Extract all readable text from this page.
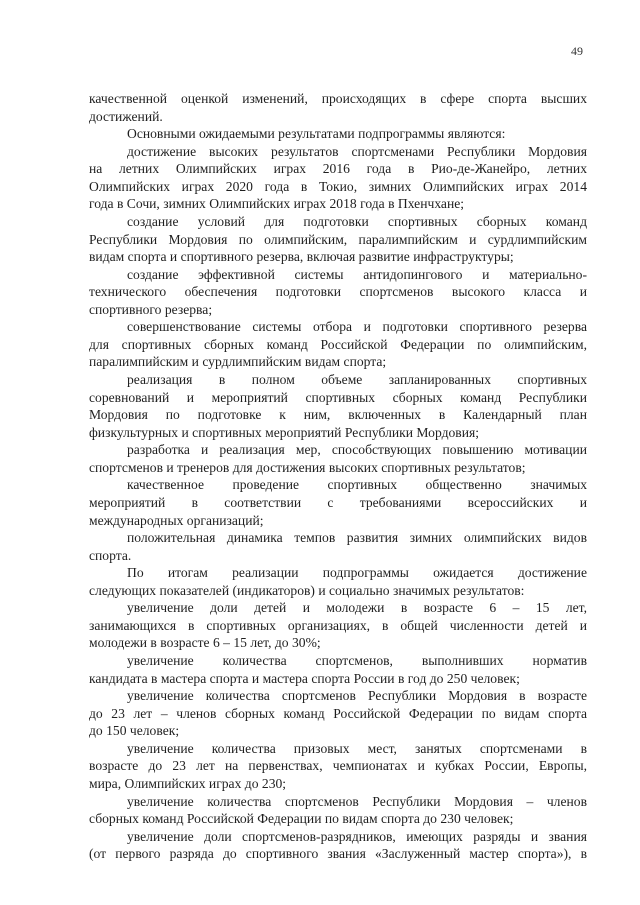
49
качественной оценкой изменений, происходящих в сфере спорта высших
достижений.
Основными ожидаемыми результатами подпрограммы являются:
достижение высоких результатов спортсменами Республики Мордовия
на летних Олимпийских играх 2016 года в Рио-де-Жанейро, летних
Олимпийских играх 2020 года в Токио, зимних Олимпийских играх 2014
года в Сочи, зимних Олимпийских играх 2018 года в Пхенчхане;
создание условий для подготовки спортивных сборных команд
Республики Мордовия по олимпийским, паралимпийским и сурдлимпийским
видам спорта и спортивного резерва, включая развитие инфраструктуры;
создание эффективной системы антидопингового и материально-
технического обеспечения подготовки спортсменов высокого класса и
спортивного резерва;
совершенствование системы отбора и подготовки спортивного резерва
для спортивных сборных команд Российской Федерации по олимпийским,
паралимпийским и сурдлимпийским видам спорта;
реализация в полном объеме запланированных спортивных
соревнований и мероприятий спортивных сборных команд Республики
Мордовия по подготовке к ним, включенных в Календарный план
физкультурных и спортивных мероприятий Республики Мордовия;
разработка и реализация мер, способствующих повышению мотивации
спортсменов и тренеров для достижения высоких спортивных результатов;
качественное проведение спортивных общественно значимых
мероприятий в соответствии с требованиями всероссийских и
международных организаций;
положительная динамика темпов развития зимних олимпийских видов
спорта.
По итогам реализации подпрограммы ожидается достижение
следующих показателей (индикаторов) и социально значимых результатов:
увеличение доли детей и молодежи в возрасте 6 – 15 лет,
занимающихся в спортивных организациях, в общей численности детей и
молодежи в возрасте 6 – 15 лет, до 30%;
увеличение количества спортсменов, выполнивших норматив
кандидата в мастера спорта и мастера спорта России в год до 250 человек;
увеличение количества спортсменов Республики Мордовия в возрасте
до 23 лет – членов сборных команд Российской Федерации по видам спорта
до 150 человек;
увеличение количества призовых мест, занятых спортсменами в
возрасте до 23 лет на первенствах, чемпионатах и кубках России, Европы,
мира, Олимпийских играх до 230;
увеличение количества спортсменов Республики Мордовия – членов
сборных команд Российской Федерации по видам спорта до 230 человек;
увеличение доли спортсменов-разрядников, имеющих разряды и звания
(от первого разряда до спортивного звания «Заслуженный мастер спорта»), в
